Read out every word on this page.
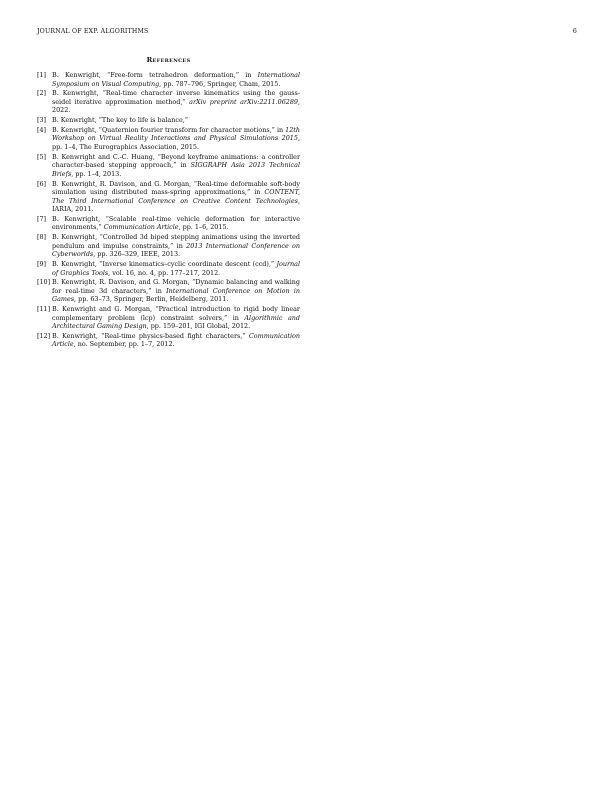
JOURNAL OF EXP. ALGORITHMS	6
References
[1] B. Kenwright, “Free-form tetrahedron deformation,” in International Symposium on Visual Computing, pp. 787–796, Springer, Cham, 2015.
[2] B. Kenwright, “Real-time character inverse kinematics using the gauss-seidel iterative approximation method,” arXiv preprint arXiv:2211.06289, 2022.
[3] B. Kenwright, “The key to life is balance,”
[4] B. Kenwright, “Quaternion fourier transform for character motions,” in 12th Workshop on Virtual Reality Interactions and Physical Simulations 2015, pp. 1–4, The Eurographics Association, 2015.
[5] B. Kenwright and C.-C. Huang, “Beyond keyframe animations: a controller character-based stepping approach,” in SIGGRAPH Asia 2013 Technical Briefs, pp. 1–4, 2013.
[6] B. Kenwright, R. Davison, and G. Morgan, “Real-time deformable soft-body simulation using distributed mass-spring approximations,” in CONTENT, The Third International Conference on Creative Content Technologies, IARIA, 2011.
[7] B. Kenwright, “Scalable real-time vehicle deformation for interactive environments,” Communication Article, pp. 1–6, 2015.
[8] B. Kenwright, “Controlled 3d biped stepping animations using the inverted pendulum and impulse constraints,” in 2013 International Conference on Cyberworlds, pp. 326–329, IEEE, 2013.
[9] B. Kenwright, “Inverse kinematics–cyclic coordinate descent (ccd),” Journal of Graphics Tools, vol. 16, no. 4, pp. 177–217, 2012.
[10] B. Kenwright, R. Davison, and G. Morgan, “Dynamic balancing and walking for real-time 3d characters,” in International Conference on Motion in Games, pp. 63–73, Springer, Berlin, Heidelberg, 2011.
[11] B. Kenwright and G. Morgan, “Practical introduction to rigid body linear complementary problem (lcp) constraint solvers,” in Algorithmic and Architectural Gaming Design, pp. 159–201, IGI Global, 2012.
[12] B. Kenwright, “Real-time physics-based fight characters,” Communication Article, no. September, pp. 1–7, 2012.
